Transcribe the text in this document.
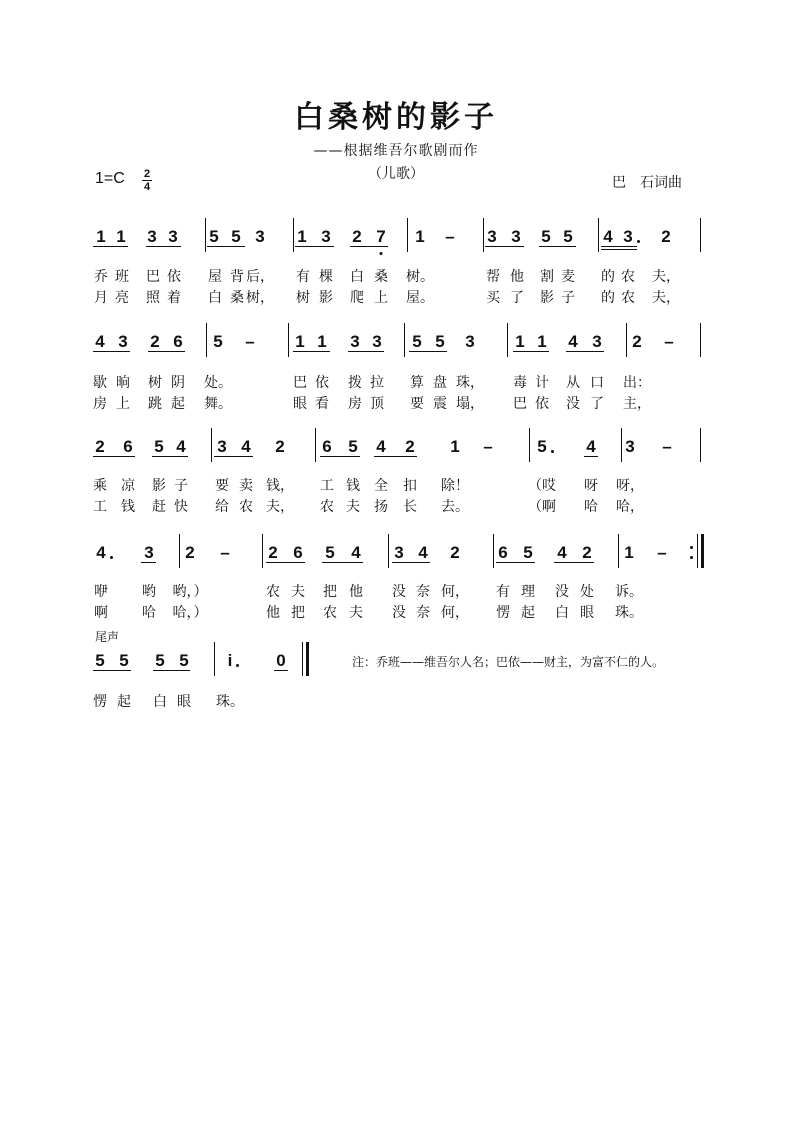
白桑树的影子
——根据维吾尔歌剧而作
（儿歌）
$1=C \frac{2}{4}$	巴　石词曲
1 1 3 3 5 5 3 1 3 2 7 1 – 3 3 5 5 4 3 2
4 3 2 6 5 – 1 1 3 3 5 5 3 1 1 4 3 2 –
2 6 5 4 3 4 2 6 5 4 2 1 –	5 4 3 –
4 3 2 – 2 6 5 4 3 4 2 6 5 4 2 1 –
5 5 5 5 i	0
乔 班 巴 依 屋 背 后， 有 棵 白 桑 树。	帮 他 割 麦 的 农 夫，
月 亮 照 着 白 桑 树， 树 影 爬 上 屋。	买 了 影 子 的 农 夫，
歇 晌 树 阴 处。	巴 依 拨 拉 算 盘 珠， 毒 计 从 口 出：
房 上 跳 起 舞。	眼 看 房 顶 要 震 塌， 巴 依 没 了 主，
乘 凉 影 子 要 卖 钱， 工 钱 全 扣 除！	（哎 呀 呀，
工 钱 赶 快 给 农 夫， 农 夫 扬 长 去。	（啊 哈 哈，
咿 哟 哟，）	农 夫 把 他 没 奈 何， 有 理 没 处 诉。
啊 哈 哈，）	他 把 农 夫 没 奈 何， 愣 起 白 眼 珠。
愣 起 白 眼 珠。
尾声
注：乔班——维吾尔人名；巴依——财主，为富不仁的人。
